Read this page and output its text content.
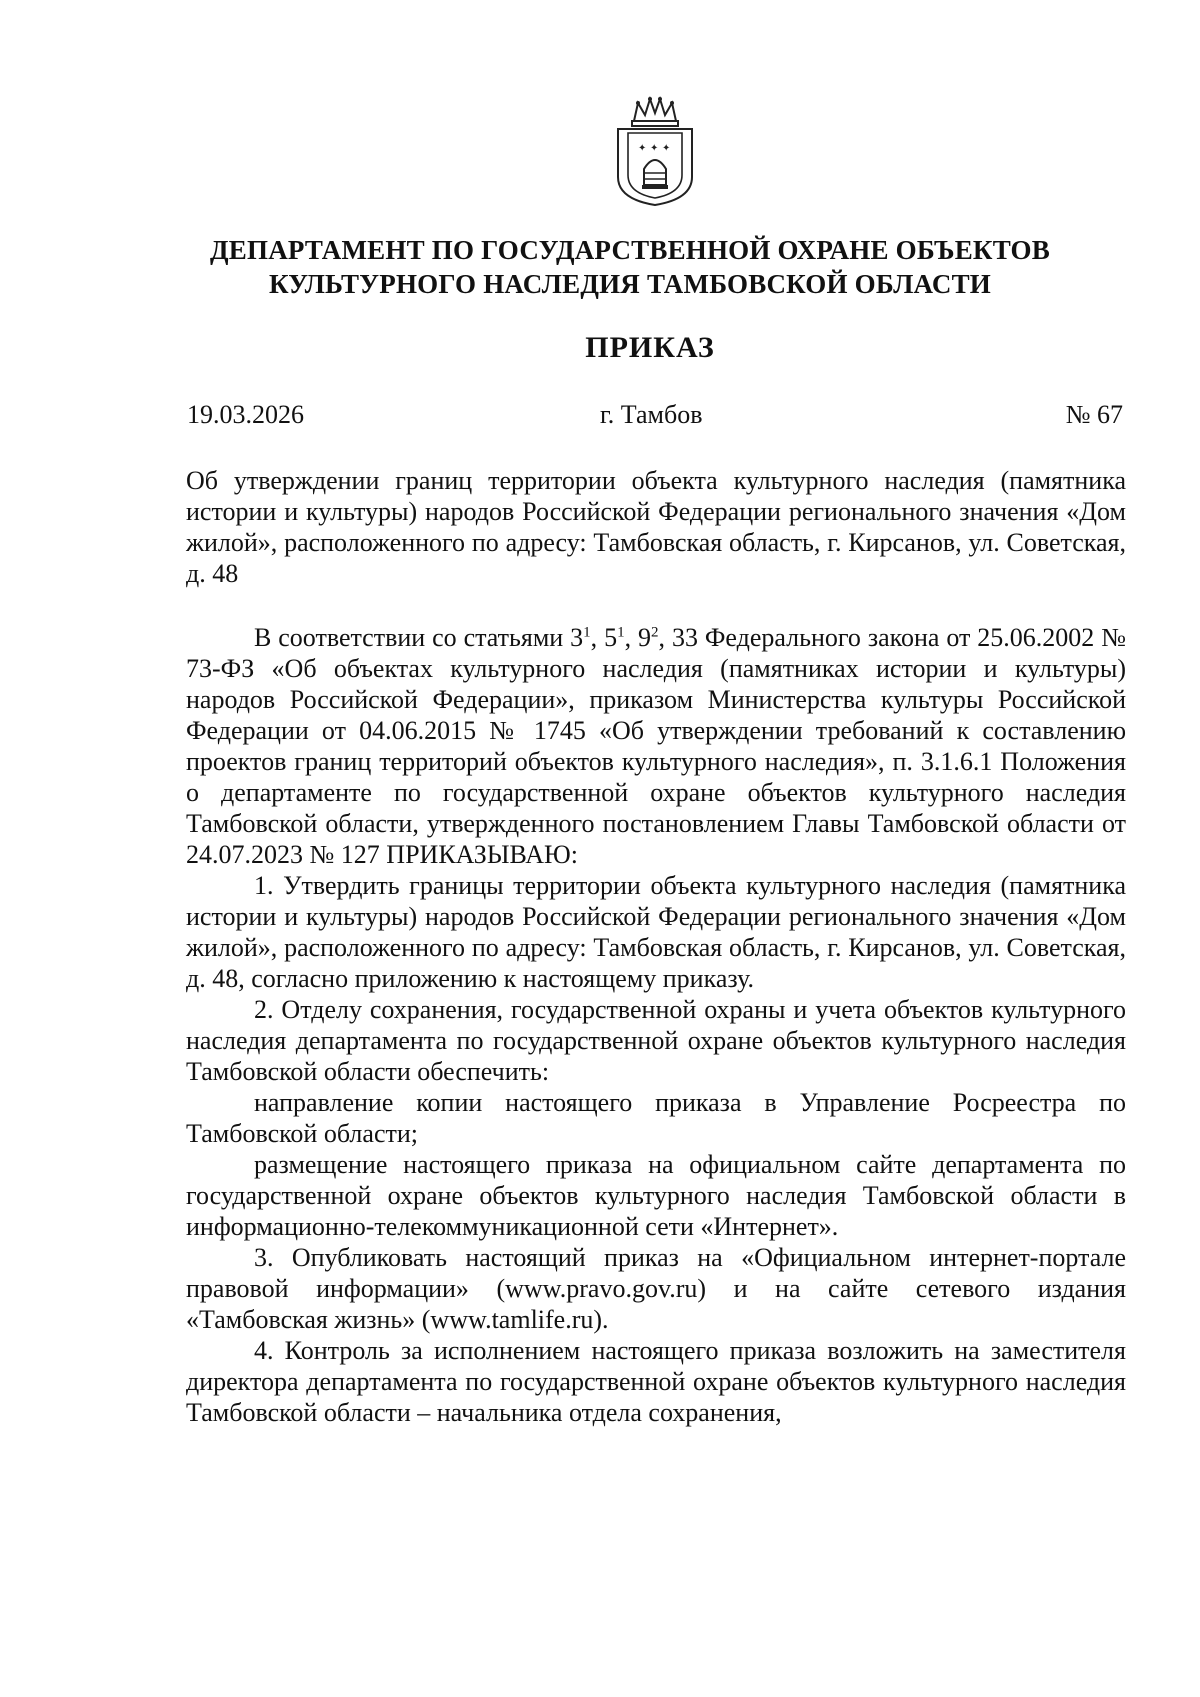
✦ ✦ ✦
ДЕПАРТАМЕНТ ПО ГОСУДАРСТВЕННОЙ ОХРАНЕ ОБЪЕКТОВ
КУЛЬТУРНОГО НАСЛЕДИЯ ТАМБОВСКОЙ ОБЛАСТИ
ПРИКАЗ
19.03.2026	г. Тамбов	№ 67
Об утверждении границ территории объекта культурного наследия (памятника истории и культуры) народов Российской Федерации регионального значения «Дом жилой», расположенного по адресу: Тамбовская область, г. Кирсанов, ул. Советская, д. 48

В соответствии со статьями $3^1$, $5^1$, $9^2$, 33 Федерального закона от 25.06.2002 № 73-ФЗ «Об объектах культурного наследия (памятниках истории и культуры) народов Российской Федерации», приказом Министерства культуры Российской Федерации от 04.06.2015 № 1745 «Об утверждении требований к составлению проектов границ территорий объектов культурного наследия», п. 3.1.6.1 Положения о департаменте по государственной охране объектов культурного наследия Тамбовской области, утвержденного постановлением Главы Тамбовской области от 24.07.2023 № 127 ПРИКАЗЫВАЮ:

1. Утвердить границы территории объекта культурного наследия (памятника истории и культуры) народов Российской Федерации регионального значения «Дом жилой», расположенного по адресу: Тамбовская область, г. Кирсанов, ул. Советская, д. 48, согласно приложению к настоящему приказу.

2. Отделу сохранения, государственной охраны и учета объектов культурного наследия департамента по государственной охране объектов культурного наследия Тамбовской области обеспечить:

направление копии настоящего приказа в Управление Росреестра по Тамбовской области;

размещение настоящего приказа на официальном сайте департамента по государственной охране объектов культурного наследия Тамбовской области в информационно-телекоммуникационной сети «Интернет».

3. Опубликовать настоящий приказ на «Официальном интернет-портале правовой информации» (www.pravo.gov.ru) и на сайте сетевого издания «Тамбовская жизнь» (www.tamlife.ru).

4. Контроль за исполнением настоящего приказа возложить на заместителя директора департамента по государственной охране объектов культурного наследия Тамбовской области – начальника отдела сохранения,
